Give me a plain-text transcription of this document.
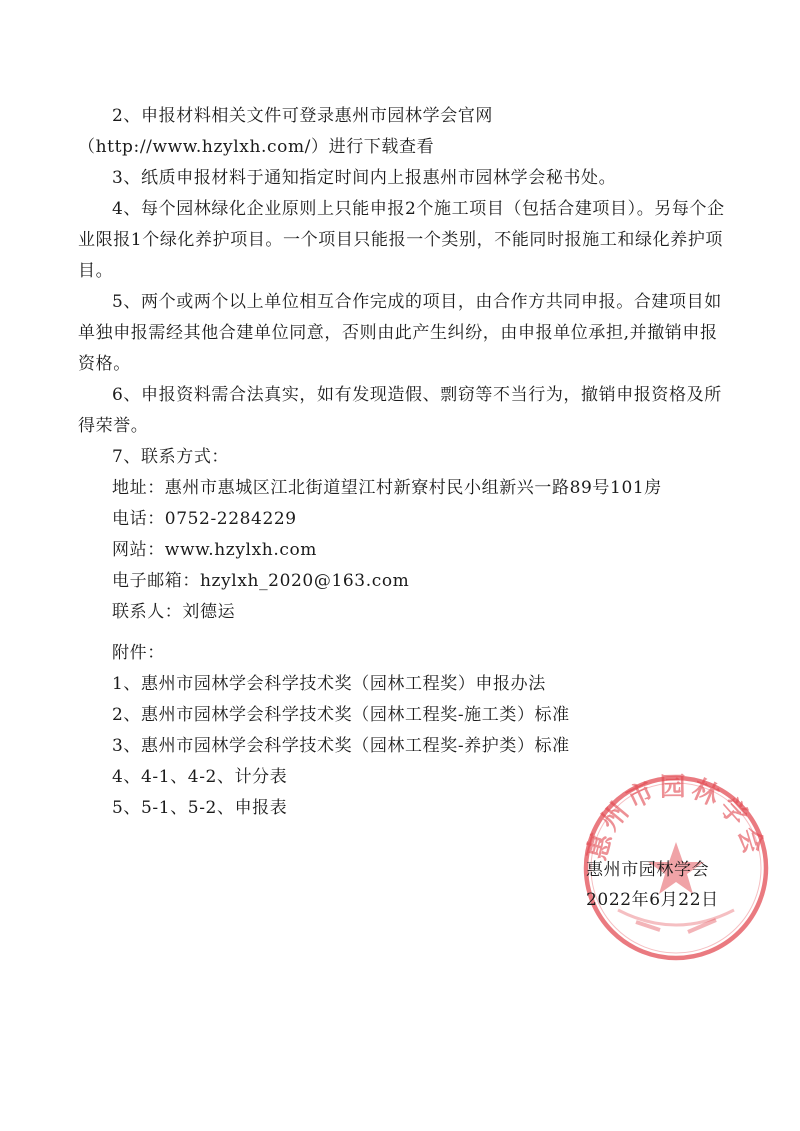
2、申报材料相关文件可登录惠州市园林学会官网（http://www.hzylxh.com/）进行下载查看

3、纸质申报材料于通知指定时间内上报惠州市园林学会秘书处。

4、每个园林绿化企业原则上只能申报2个施工项目（包括合建项目）。另每个企业限报1个绿化养护项目。一个项目只能报一个类别，不能同时报施工和绿化养护项目。

5、两个或两个以上单位相互合作完成的项目，由合作方共同申报。合建项目如单独申报需经其他合建单位同意，否则由此产生纠纷，由申报单位承担,并撤销申报资格。

6、申报资料需合法真实，如有发现造假、剽窃等不当行为，撤销申报资格及所得荣誉。

7、联系方式：

地址：惠州市惠城区江北街道望江村新寮村民小组新兴一路89号101房
电话：0752-2284229
网站：www.hzylxh.com
电子邮箱：hzylxh_2020@163.com
联系人：刘德运
附件：
1、惠州市园林学会科学技术奖（园林工程奖）申报办法
2、惠州市园林学会科学技术奖（园林工程奖-施工类）标准
3、惠州市园林学会科学技术奖（园林工程奖-养护类）标准
4、4-1、4-2、计分表
5、5-1、5-2、申报表
惠州市园林学会
惠州市园林学会
2022年6月22日
